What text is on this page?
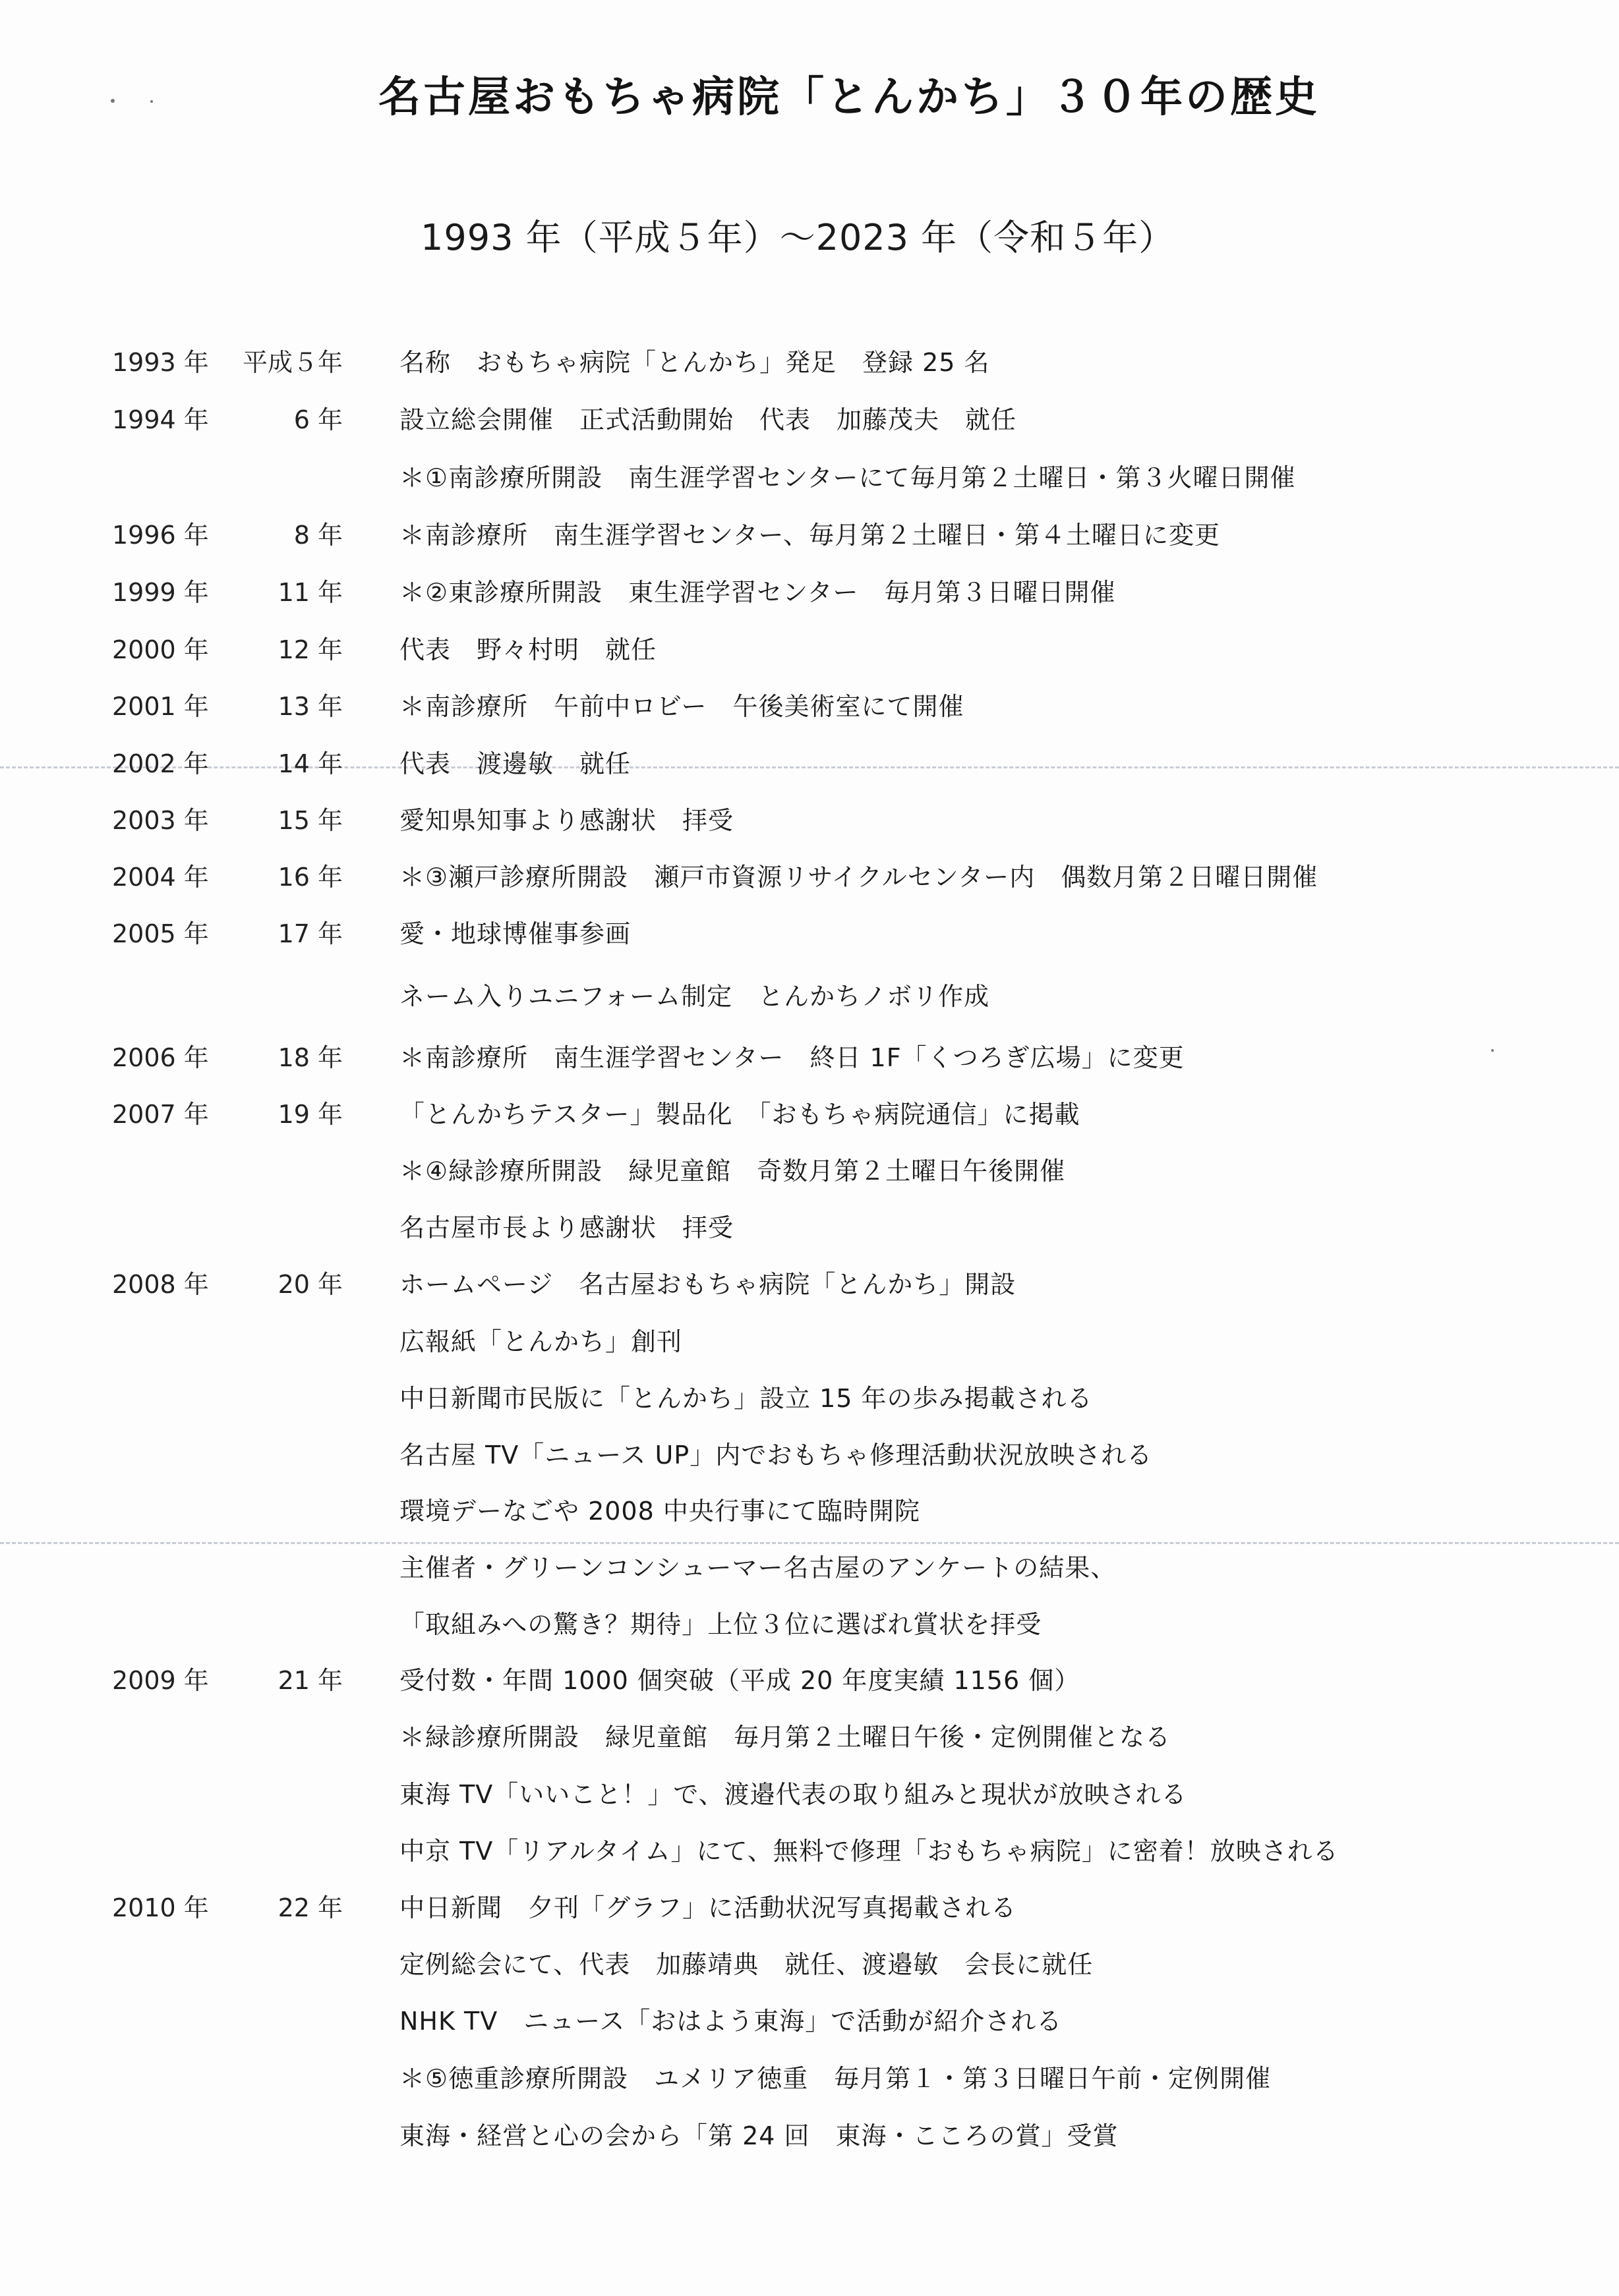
名古屋おもちゃ病院「とんかち」３０年の歴史
1993 年（平成５年）～2023 年（令和５年）
1993 年	平成５年 名称　おもちゃ病院「とんかち」発足　登録 25 名
1994 年	6 年 設立総会開催　正式活動開始　代表　加藤茂夫　就任
＊①南診療所開設　南生涯学習センターにて毎月第２土曜日・第３火曜日開催
1996 年	8 年 ＊南診療所　南生涯学習センター、毎月第２土曜日・第４土曜日に変更
1999 年	11 年 ＊②東診療所開設　東生涯学習センター　毎月第３日曜日開催
2000 年	12 年 代表　野々村明　就任
2001 年	13 年 ＊南診療所　午前中ロビー　午後美術室にて開催
2002 年	14 年 代表　渡邊敏　就任
2003 年	15 年 愛知県知事より感謝状　拝受
2004 年	16 年 ＊③瀬戸診療所開設　瀬戸市資源リサイクルセンター内　偶数月第２日曜日開催
2005 年	17 年 愛・地球博催事参画
ネーム入りユニフォーム制定　とんかちノボリ作成
2006 年	18 年 ＊南診療所　南生涯学習センター　終日 1F「くつろぎ広場」に変更
2007 年	19 年 「とんかちテスター」製品化　「おもちゃ病院通信」に掲載
＊④緑診療所開設　緑児童館　奇数月第２土曜日午後開催
名古屋市長より感謝状　拝受
2008 年	20 年 ホームページ　名古屋おもちゃ病院「とんかち」開設
広報紙「とんかち」創刊
中日新聞市民版に「とんかち」設立 15 年の歩み掲載される
名古屋 TV「ニュース UP」内でおもちゃ修理活動状況放映される
環境デーなごや 2008 中央行事にて臨時開院
主催者・グリーンコンシューマー名古屋のアンケートの結果、
「取組みへの驚き？期待」上位３位に選ばれ賞状を拝受
2009 年	21 年 受付数・年間 1000 個突破（平成 20 年度実績 1156 個）
＊緑診療所開設　緑児童館　毎月第２土曜日午後・定例開催となる
東海 TV「いいこと！」で、渡邉代表の取り組みと現状が放映される
中京 TV「リアルタイム」にて、無料で修理「おもちゃ病院」に密着！放映される
2010 年	22 年 中日新聞　夕刊「グラフ」に活動状況写真掲載される
定例総会にて、代表　加藤靖典　就任、渡邉敏　会長に就任
NHK TV　ニュース「おはよう東海」で活動が紹介される
＊⑤徳重診療所開設　ユメリア徳重　毎月第１・第３日曜日午前・定例開催
東海・経営と心の会から「第 24 回　東海・こころの賞」受賞
